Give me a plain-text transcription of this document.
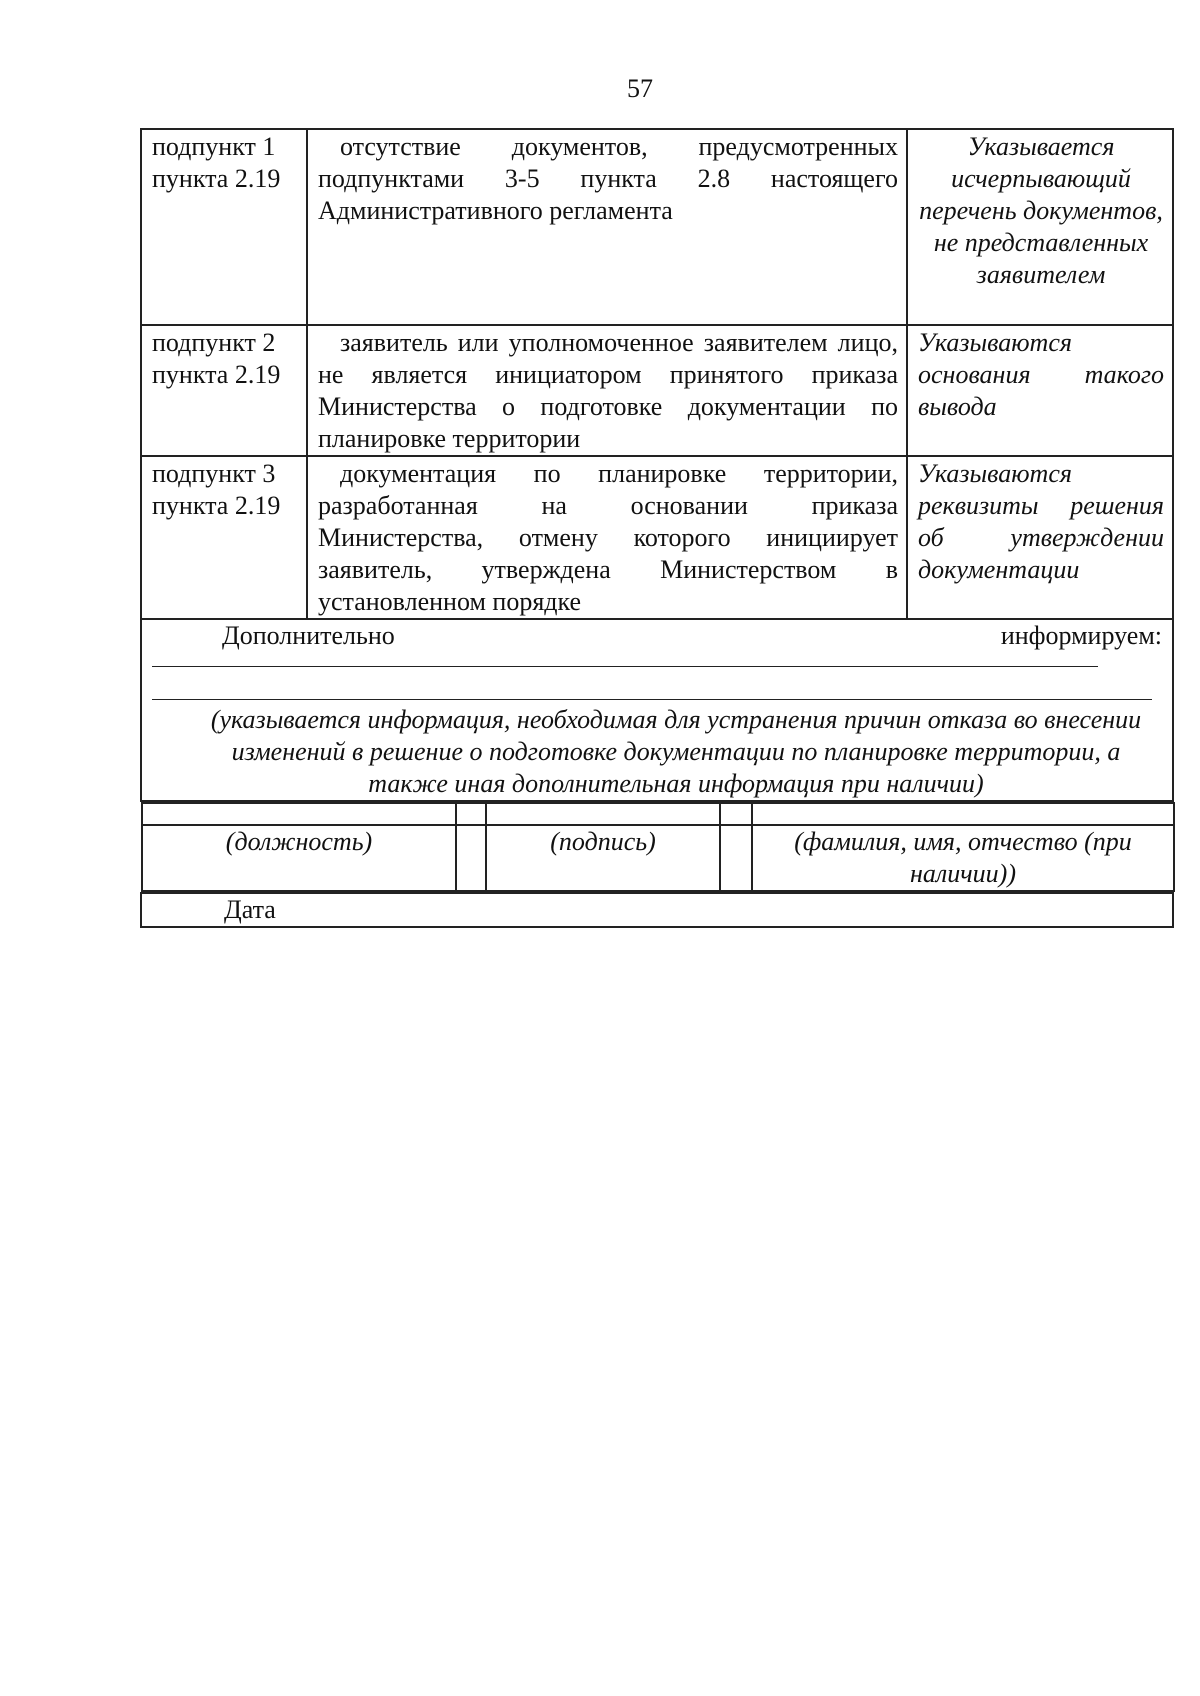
57
подпункт 1
пункта 2.19
	отсутствие документов, предусмотренных подпунктами 3-5 пункта 2.8 настоящего Административного регламента	Указывается исчерпывающий перечень документов, не представленных заявителем

подпункт 2
пункта 2.19
	заявитель или уполномоченное заявителем лицо, не является инициатором принятого приказа Министерства о подготовке документации по планировке территории	Указываются основания такого вывода

подпункт 3
пункта 2.19
	документация по планировке территории, разработанная на основании приказа Министерства, отмену которого инициирует заявитель, утверждена Министерством в установленном порядке	Указываются реквизиты решения об утверждении документации

Дополнительно	информируем:
(указывается информация, необходимая для устранения причин отказа во внесении изменений в решение о подготовке документации по планировке территории, а также иная дополнительная информация при наличии)

(должность)		(подпись)		(фамилия, имя, отчество (при наличии))

Дата
